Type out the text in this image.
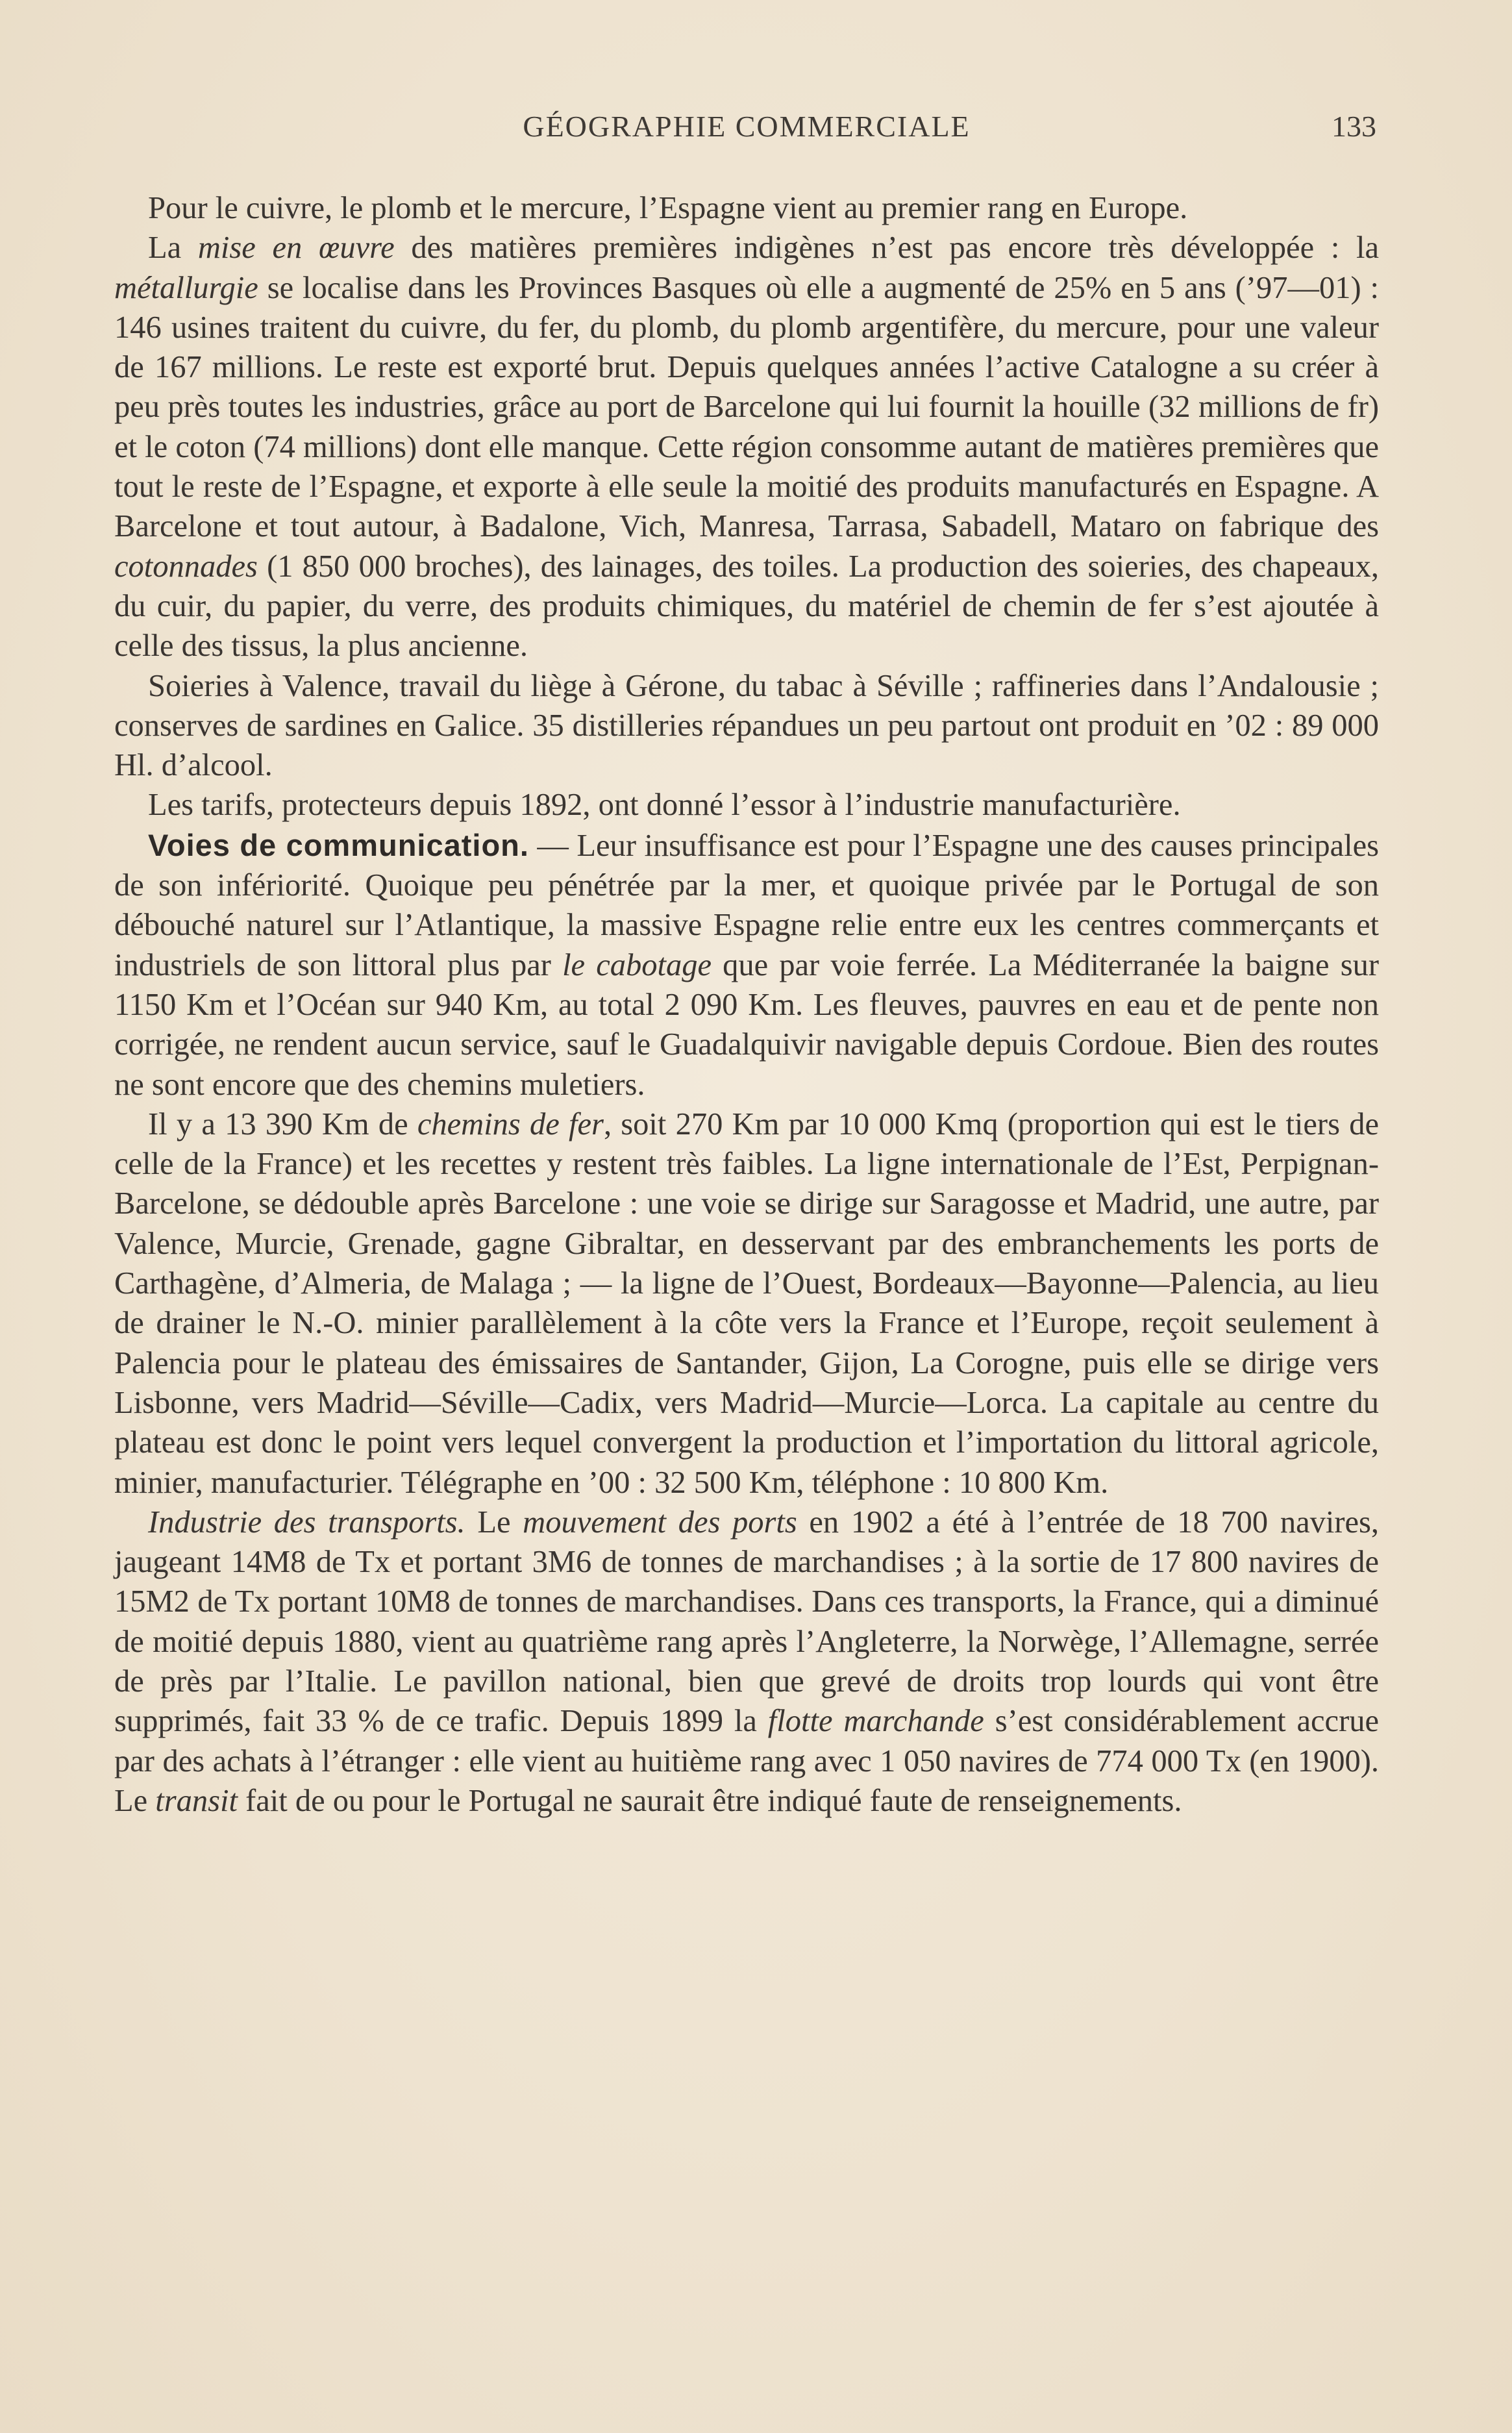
GÉOGRAPHIE COMMERCIALE	133

Pour le cuivre, le plomb et le mercure, l’Espagne vient au premier rang en Europe.

La mise en œuvre des matières premières indigènes n’est pas encore très développée : la métallurgie se localise dans les Provinces Basques où elle a augmenté de 25% en 5 ans (’97—01) : 146 usines traitent du cuivre, du fer, du plomb, du plomb argentifère, du mercure, pour une valeur de 167 millions. Le reste est exporté brut. Depuis quelques années l’active Catalogne a su créer à peu près toutes les industries, grâce au port de Barcelone qui lui fournit la houille (32 millions de fr) et le coton (74 millions) dont elle manque. Cette région consomme autant de matières premières que tout le reste de l’Espagne, et exporte à elle seule la moitié des produits manufacturés en Espagne. A Barcelone et tout autour, à Badalone, Vich, Manresa, Tarrasa, Sabadell, Mataro on fabrique des cotonnades (1 850 000 broches), des lainages, des toiles. La production des soieries, des chapeaux, du cuir, du papier, du verre, des produits chimiques, du matériel de chemin de fer s’est ajoutée à celle des tissus, la plus ancienne.

Soieries à Valence, travail du liège à Gérone, du tabac à Séville ; raffineries dans l’Andalousie ; conserves de sardines en Galice. 35 distilleries répandues un peu partout ont produit en ’02 : 89 000 Hl. d’alcool.

Les tarifs, protecteurs depuis 1892, ont donné l’essor à l’industrie manufacturière.

Voies de communication. — Leur insuffisance est pour l’Espagne une des causes principales de son infériorité. Quoique peu pénétrée par la mer, et quoique privée par le Portugal de son débouché naturel sur l’Atlantique, la massive Espagne relie entre eux les centres commerçants et industriels de son littoral plus par le cabotage que par voie ferrée. La Méditerranée la baigne sur 1150 Km et l’Océan sur 940 Km, au total 2 090 Km. Les fleuves, pauvres en eau et de pente non corrigée, ne rendent aucun service, sauf le Guadalquivir navigable depuis Cordoue. Bien des routes ne sont encore que des chemins muletiers.

Il y a 13 390 Km de chemins de fer, soit 270 Km par 10 000 Kmq (proportion qui est le tiers de celle de la France) et les recettes y restent très faibles. La ligne internationale de l’Est, Perpignan-Barcelone, se dédouble après Barcelone : une voie se dirige sur Saragosse et Madrid, une autre, par Valence, Murcie, Grenade, gagne Gibraltar, en desservant par des embranchements les ports de Carthagène, d’Almeria, de Malaga ; — la ligne de l’Ouest, Bordeaux—Bayonne—Palencia, au lieu de drainer le N.-O. minier parallèlement à la côte vers la France et l’Europe, reçoit seulement à Palencia pour le plateau des émissaires de Santander, Gijon, La Corogne, puis elle se dirige vers Lisbonne, vers Madrid—Séville—Cadix, vers Madrid—Murcie—Lorca. La capitale au centre du plateau est donc le point vers lequel convergent la production et l’importation du littoral agricole, minier, manufacturier. Télégraphe en ’00 : 32 500 Km, téléphone : 10 800 Km.

Industrie des transports. Le mouvement des ports en 1902 a été à l’entrée de 18 700 navires, jaugeant 14M8 de Tx et portant 3M6 de tonnes de marchandises ; à la sortie de 17 800 navires de 15M2 de Tx portant 10M8 de tonnes de marchandises. Dans ces transports, la France, qui a diminué de moitié depuis 1880, vient au quatrième rang après l’Angleterre, la Norwège, l’Allemagne, serrée de près par l’Italie. Le pavillon national, bien que grevé de droits trop lourds qui vont être supprimés, fait 33 % de ce trafic. Depuis 1899 la flotte marchande s’est considérablement accrue par des achats à l’étranger : elle vient au huitième rang avec 1 050 navires de 774 000 Tx (en 1900). Le transit fait de ou pour le Portugal ne saurait être indiqué faute de renseignements.
